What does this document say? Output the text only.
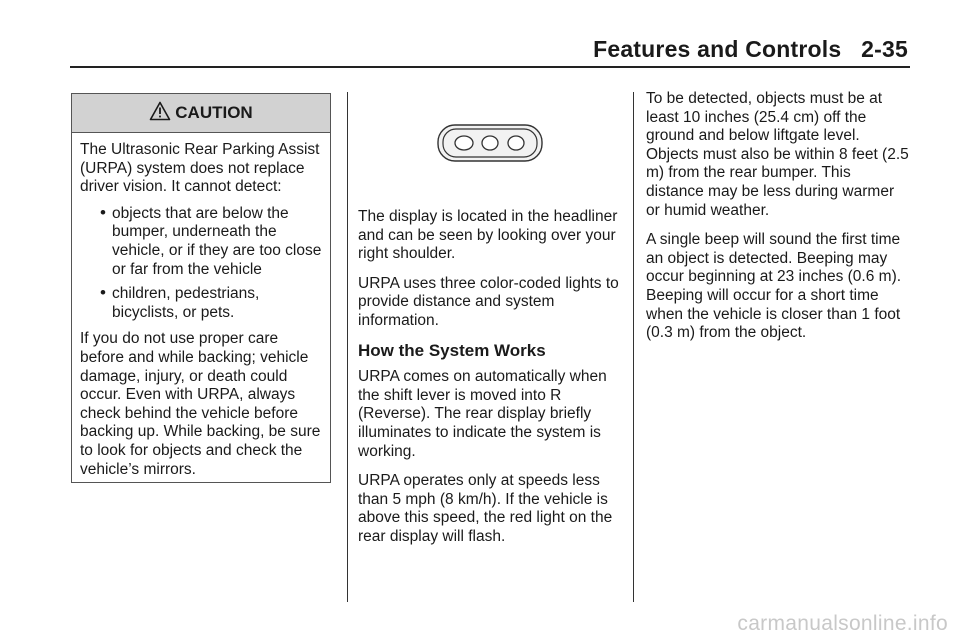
Features and Controls 2-35
CAUTION

The Ultrasonic Rear Parking Assist (URPA) system does not replace driver vision. It cannot detect:

• objects that are below the bumper, underneath the vehicle, or if they are too close or far from the vehicle
• children, pedestrians, bicyclists, or pets.

If you do not use proper care before and while backing; vehicle damage, injury, or death could occur. Even with URPA, always check behind the vehicle before backing up. While backing, be sure to look for objects and check the vehicle’s mirrors.

The display is located in the headliner and can be seen by looking over your right shoulder.

URPA uses three color-coded lights to provide distance and system information.

How the System Works

URPA comes on automatically when the shift lever is moved into R (Reverse). The rear display briefly illuminates to indicate the system is working.

URPA operates only at speeds less than 5 mph (8 km/h). If the vehicle is above this speed, the red light on the rear display will flash.

To be detected, objects must be at least 10 inches (25.4 cm) off the ground and below liftgate level. Objects must also be within 8 feet (2.5 m) from the rear bumper. This distance may be less during warmer or humid weather.

A single beep will sound the first time an object is detected. Beeping may occur beginning at 23 inches (0.6 m). Beeping will occur for a short time when the vehicle is closer than 1 foot (0.3 m) from the object.

carmanualsonline.info
